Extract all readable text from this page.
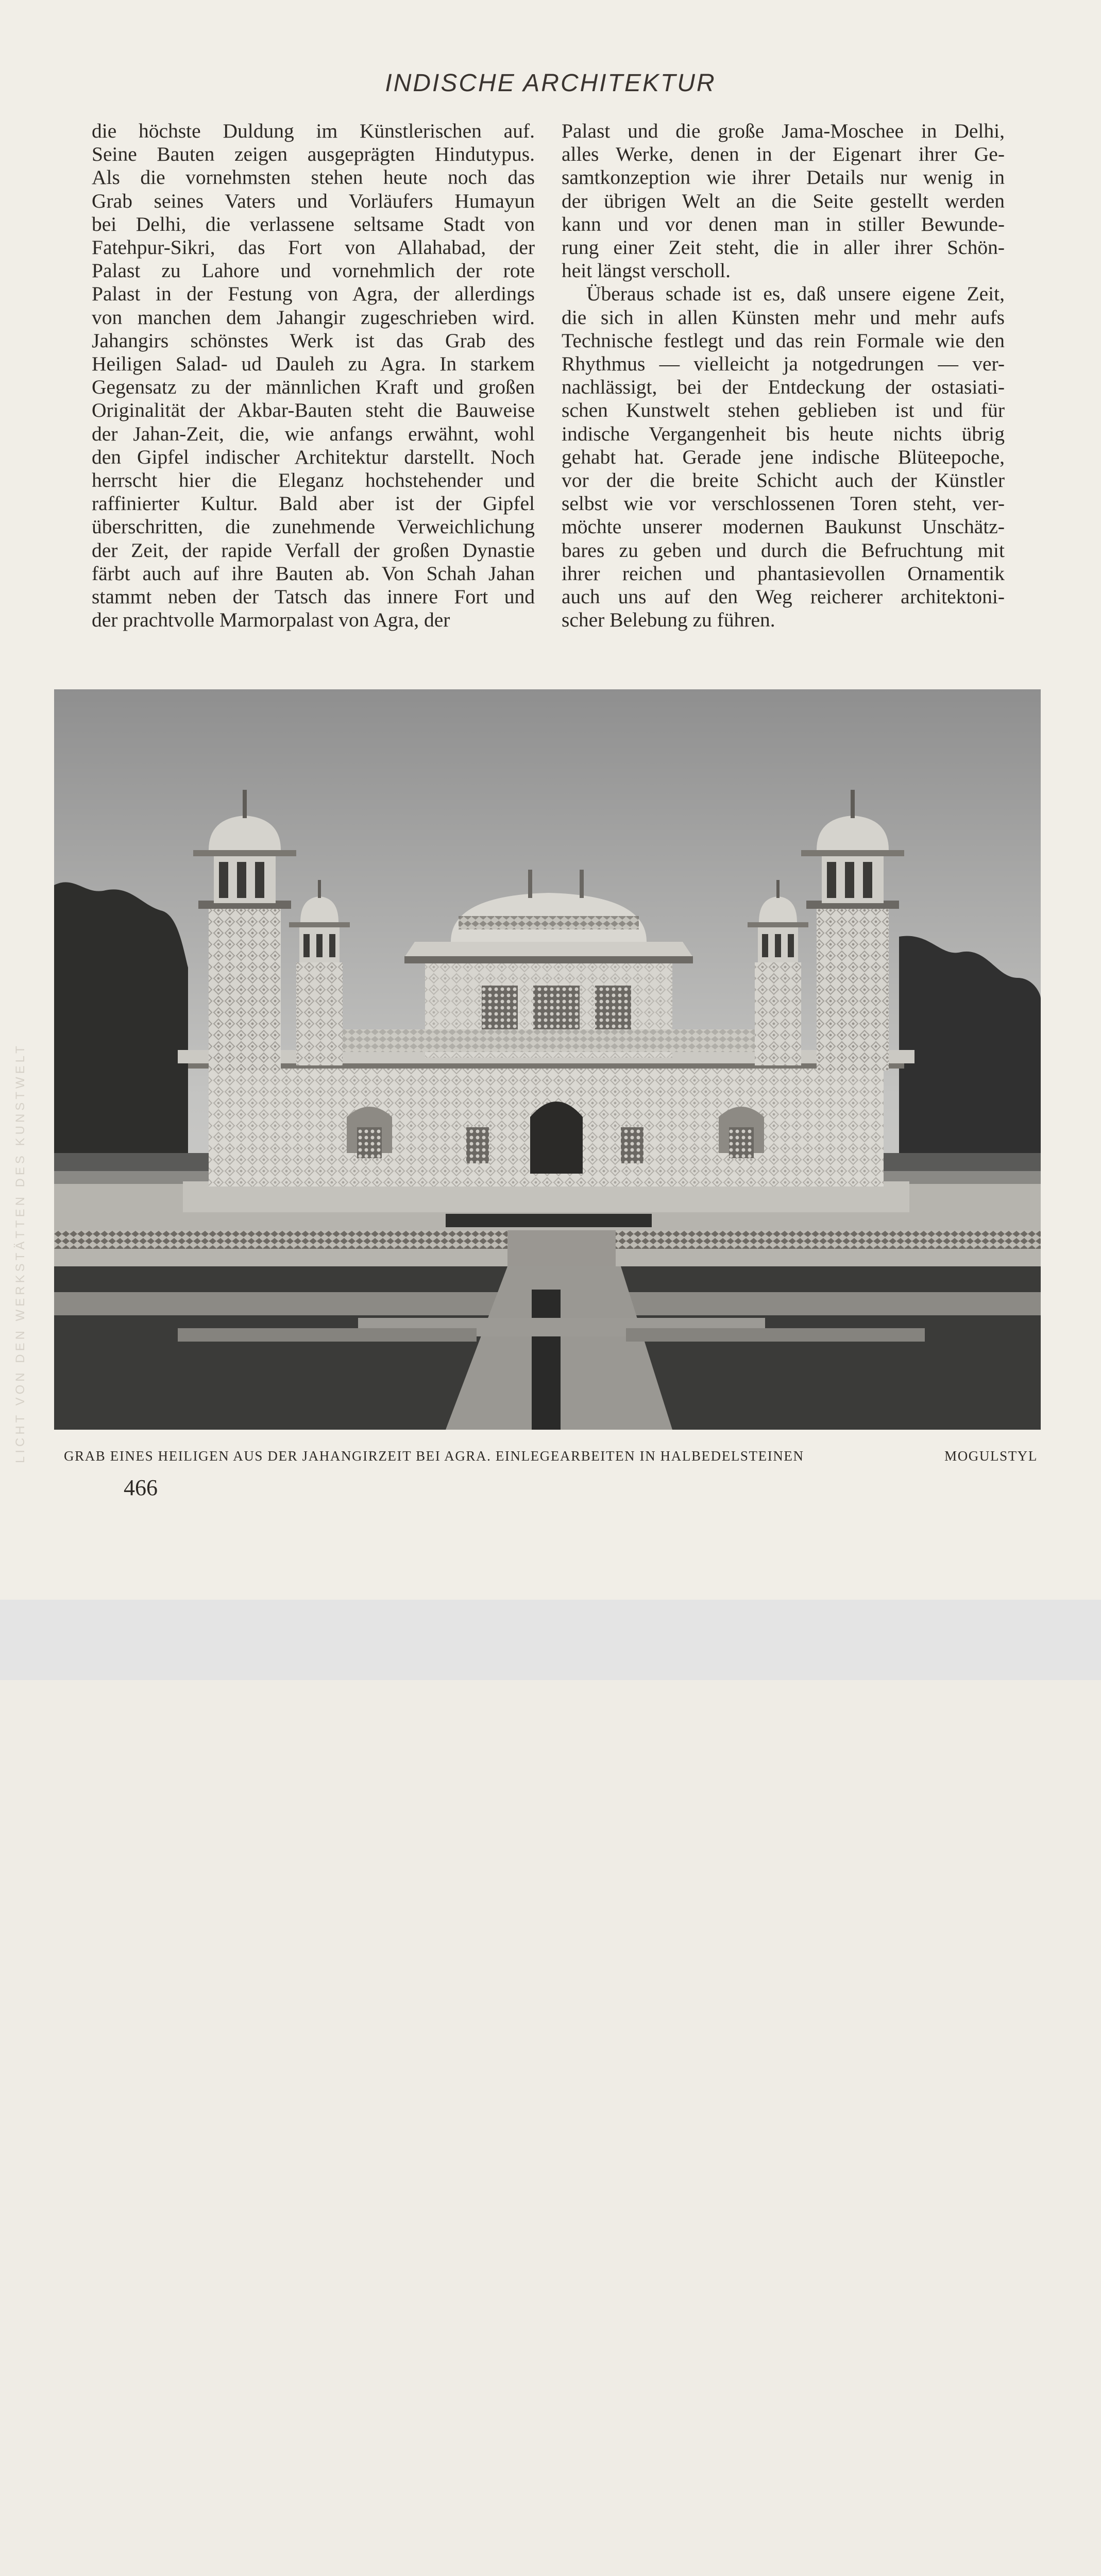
INDISCHE ARCHITEKTUR

die höchste Duldung im Künstlerischen auf.
Seine Bauten zeigen ausgeprägten Hindutypus.
Als die vornehmsten stehen heute noch das
Grab seines Vaters und Vorläufers Humayun
bei Delhi, die verlassene seltsame Stadt von
Fatehpur-Sikri, das Fort von Allahabad, der
Palast zu Lahore und vornehmlich der rote
Palast in der Festung von Agra, der allerdings
von manchen dem Jahangir zugeschrieben wird.
Jahangirs schönstes Werk ist das Grab des
Heiligen Salad- ud Dauleh zu Agra. In starkem
Gegensatz zu der männlichen Kraft und großen
Originalität der Akbar-Bauten steht die Bauweise
der Jahan-Zeit, die, wie anfangs erwähnt, wohl
den Gipfel indischer Architektur darstellt. Noch
herrscht hier die Eleganz hochstehender und
raffinierter Kultur. Bald aber ist der Gipfel
überschritten, die zunehmende Verweichlichung
der Zeit, der rapide Verfall der großen Dynastie
färbt auch auf ihre Bauten ab. Von Schah Jahan
stammt neben der Tatsch das innere Fort und
der prachtvolle Marmorpalast von Agra, der

Palast und die große Jama-Moschee in Delhi,
alles Werke, denen in der Eigenart ihrer Ge-
samtkonzeption wie ihrer Details nur wenig in
der übrigen Welt an die Seite gestellt werden
kann und vor denen man in stiller Bewunde-
rung einer Zeit steht, die in aller ihrer Schön-
heit längst verscholl.

Überaus schade ist es, daß unsere eigene Zeit,
die sich in allen Künsten mehr und mehr aufs
Technische festlegt und das rein Formale wie den
Rhythmus — vielleicht ja notgedrungen — ver-
nachlässigt, bei der Entdeckung der ostasiati-
schen Kunstwelt stehen geblieben ist und für
indische Vergangenheit bis heute nichts übrig
gehabt hat. Gerade jene indische Blüteepoche,
vor der die breite Schicht auch der Künstler
selbst wie vor verschlossenen Toren steht, ver-
möchte unserer modernen Baukunst Unschätz-
bares zu geben und durch die Befruchtung mit
ihrer reichen und phantasievollen Ornamentik
auch uns auf den Weg reicherer architektoni-
scher Belebung zu führen.

LICHT VON DEN WERKSTÄTTEN DES KUNSTWELT	GRAB EINES HEILIGEN AUS DER JAHANGIRZEIT BEI AGRA. EINLEGEARBEITEN IN HALBEDELSTEINEN	MOGULSTYL
466
